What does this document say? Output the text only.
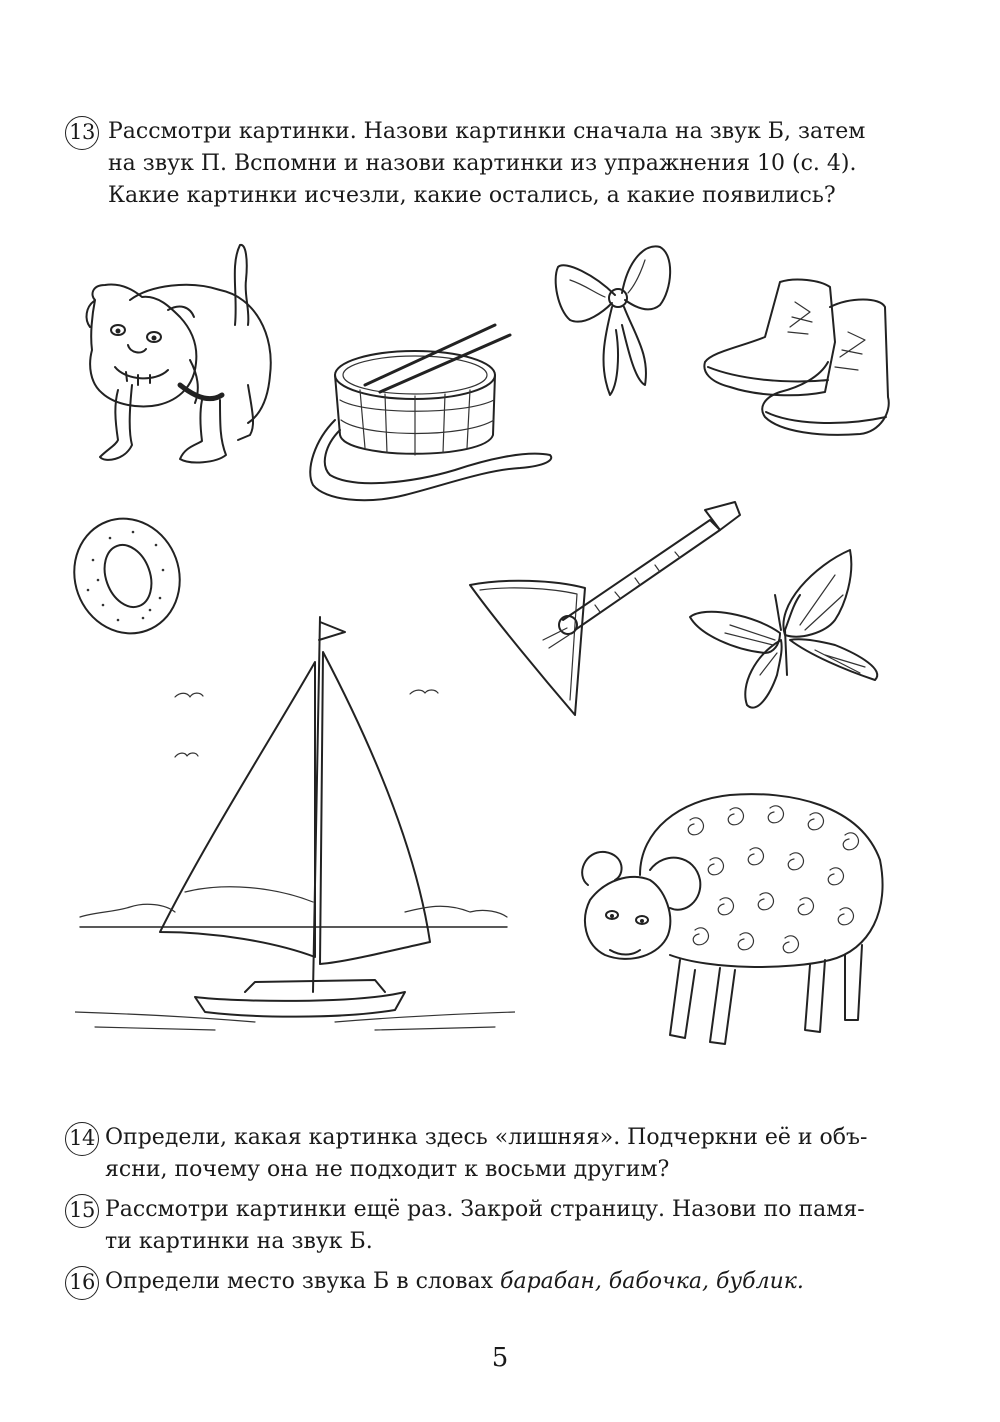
13 Рассмотри картинки. Назови картинки сначала на звук Б, затем
на звук П. Вспомни и назови картинки из упражнения 10 (с. 4).
Какие картинки исчезли, какие остались, а какие появились?
14 Определи, какая картинка здесь «лишняя». Подчеркни её и объ-
ясни, почему она не подходит к восьми другим?
15 Рассмотри картинки ещё раз. Закрой страницу. Назови по памя-
ти картинки на звук Б.
16 Определи место звука Б в словах барабан, бабочка, бублик.
5
